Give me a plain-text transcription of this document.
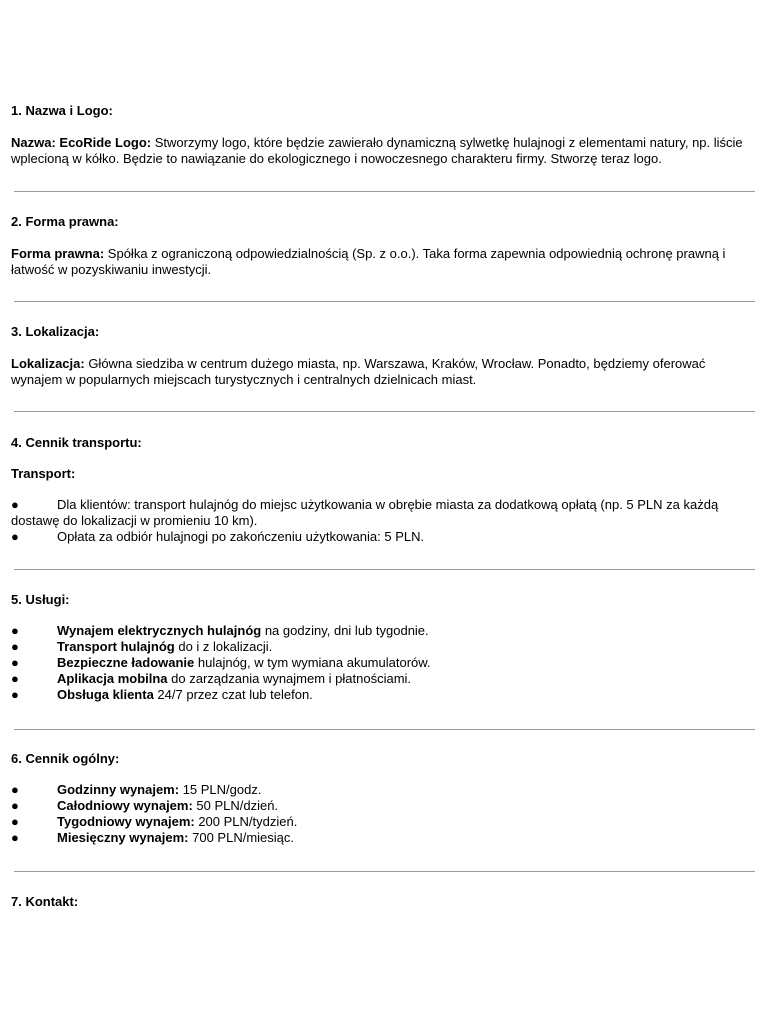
1. Nazwa i Logo:

Nazwa: EcoRide Logo: Stworzymy logo, które będzie zawierało dynamiczną sylwetkę hulajnogi z elementami natury, np. liście wplecioną w kółko. Będzie to nawiązanie do ekologicznego i nowoczesnego charakteru firmy. Stworzę teraz logo.

2. Forma prawna:

Forma prawna: Spółka z ograniczoną odpowiedzialnością (Sp. z o.o.). Taka forma zapewnia odpowiednią ochronę prawną i łatwość w pozyskiwaniu inwestycji.

3. Lokalizacja:

Lokalizacja: Główna siedziba w centrum dużego miasta, np. Warszawa, Kraków, Wrocław. Ponadto, będziemy oferować wynajem w popularnych miejscach turystycznych i centralnych dzielnicach miast.

4. Cennik transportu:

Transport:

●	Dla klientów: transport hulajnóg do miejsc użytkowania w obrębie miasta za dodatkową opłatą (np. 5 PLN za każdą dostawę do lokalizacji w promieniu 10 km).
●	Opłata za odbiór hulajnogi po zakończeniu użytkowania: 5 PLN.
5. Usługi:
●	Wynajem elektrycznych hulajnóg na godziny, dni lub tygodnie.
●	Transport hulajnóg do i z lokalizacji.
●	Bezpieczne ładowanie hulajnóg, w tym wymiana akumulatorów.
●	Aplikacja mobilna do zarządzania wynajmem i płatnościami.
●	Obsługa klienta 24/7 przez czat lub telefon.
6. Cennik ogólny:
●	Godzinny wynajem: 15 PLN/godz.
●	Całodniowy wynajem: 50 PLN/dzień.
●	Tygodniowy wynajem: 200 PLN/tydzień.
●	Miesięczny wynajem: 700 PLN/miesiąc.
7. Kontakt:
